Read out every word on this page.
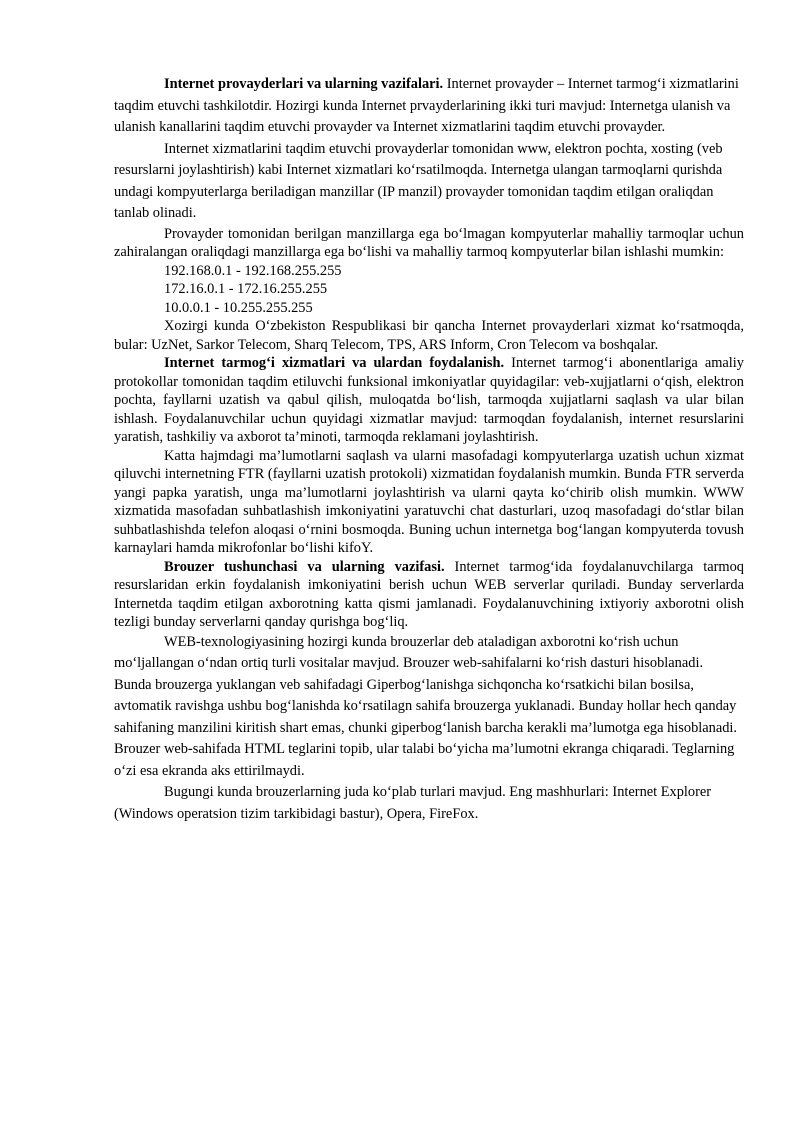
Internet provayderlari va ularning vazifalari. Internet provayder – Internet tarmog‘i xizmatlarini taqdim etuvchi tashkilotdir. Hozirgi kunda Internet prvayderlarining ikki turi mavjud: Internetga ulanish va ulanish kanallarini taqdim etuvchi provayder va Internet xizmatlarini taqdim etuvchi provayder.

Internet xizmatlarini taqdim etuvchi provayderlar tomonidan www, elektron pochta, xosting (veb resurslarni joylashtirish) kabi Internet xizmatlari ko‘rsatilmoqda. Internetga ulangan tarmoqlarni qurishda undagi kompyuterlarga beriladigan manzillar (IP manzil) provayder tomonidan taqdim etilgan oraliqdan tanlab olinadi.

Provayder tomonidan berilgan manzillarga ega bo‘lmagan kompyuterlar mahalliy tarmoqlar uchun zahiralangan oraliqdagi manzillarga ega bo‘lishi va mahalliy tarmoq kompyuterlar bilan ishlashi mumkin:

192.168.0.1 - 192.168.255.255

172.16.0.1 - 172.16.255.255

10.0.0.1 - 10.255.255.255

Xozirgi kunda O‘zbekiston Respublikasi bir qancha Internet provayderlari xizmat ko‘rsatmoqda, bular: UzNet, Sarkor Telecom, Sharq Telecom, TPS, ARS Inform, Cron Telecom va boshqalar.

Internet tarmog‘i xizmatlari va ulardan foydalanish. Internet tarmog‘i abonentlariga amaliy protokollar tomonidan taqdim etiluvchi funksional imkoniyatlar quyidagilar: veb-xujjatlarni o‘qish, elektron pochta, fayllarni uzatish va qabul qilish, muloqatda bo‘lish, tarmoqda xujjatlarni saqlash va ular bilan ishlash. Foydalanuvchilar uchun quyidagi xizmatlar mavjud: tarmoqdan foydalanish, internet resurslarini yaratish, tashkiliy va axborot ta’minoti, tarmoqda reklamani joylashtirish.

Katta hajmdagi ma’lumotlarni saqlash va ularni masofadagi kompyuterlarga uzatish uchun xizmat qiluvchi internetning FTR (fayllarni uzatish protokoli) xizmatidan foydalanish mumkin. Bunda FTR serverda yangi papka yaratish, unga ma’lumotlarni joylashtirish va ularni qayta ko‘chirib olish mumkin. WWW xizmatida masofadan suhbatlashish imkoniyatini yaratuvchi chat dasturlari, uzoq masofadagi do‘stlar bilan suhbatlashishda telefon aloqasi o‘rnini bosmoqda. Buning uchun internetga bog‘langan kompyuterda tovush karnaylari hamda mikrofonlar bo‘lishi kifoY.

Brouzer tushunchasi va ularning vazifasi. Internet tarmog‘ida foydalanuvchilarga tarmoq resurslaridan erkin foydalanish imkoniyatini berish uchun WEB serverlar quriladi. Bunday serverlarda Internetda taqdim etilgan axborotning katta qismi jamlanadi. Foydalanuvchining ixtiyoriy axborotni olish tezligi bunday serverlarni qanday qurishga bog‘liq.

WEB-texnologiyasining hozirgi kunda brouzerlar deb ataladigan axborotni ko‘rish uchun mo‘ljallangan o‘ndan ortiq turli vositalar mavjud. Brouzer web-sahifalarni ko‘rish dasturi hisoblanadi. Bunda brouzerga yuklangan veb sahifadagi Giperbog‘lanishga sichqoncha ko‘rsatkichi bilan bosilsa, avtomatik ravishga ushbu bog‘lanishda ko‘rsatilagn sahifa brouzerga yuklanadi. Bunday hollar hech qanday sahifaning manzilini kiritish shart emas, chunki giperbog‘lanish barcha kerakli ma’lumotga ega hisoblanadi. Brouzer web-sahifada HTML teglarini topib, ular talabi bo‘yicha ma’lumotni ekranga chiqaradi. Teglarning o‘zi esa ekranda aks ettirilmaydi.

Bugungi kunda brouzerlarning juda ko‘plab turlari mavjud. Eng mashhurlari: Internet Explorer (Windows operatsion tizim tarkibidagi bastur), Opera, FireFox.
